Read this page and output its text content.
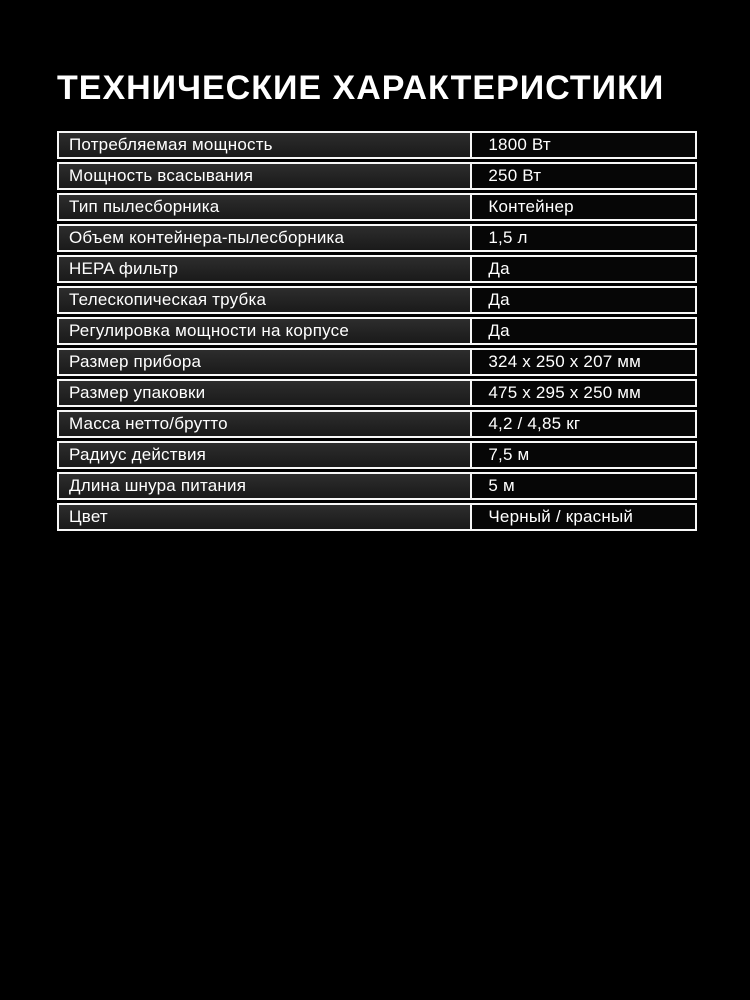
ТЕХНИЧЕСКИЕ ХАРАКТЕРИСТИКИ
Потребляемая мощность	1800 Вт
Мощность всасывания	250 Вт
Тип пылесборника	Контейнер
Объем контейнера-пылесборника	1,5 л
HEPA фильтр	Да
Телескопическая трубка	Да
Регулировка мощности на корпусе	Да
Размер прибора	324 x 250 x 207 мм
Размер упаковки	475 x 295 x 250 мм
Масса нетто/брутто	4,2 / 4,85 кг
Радиус действия	7,5 м
Длина шнура питания	5 м
Цвет	Черный / красный
